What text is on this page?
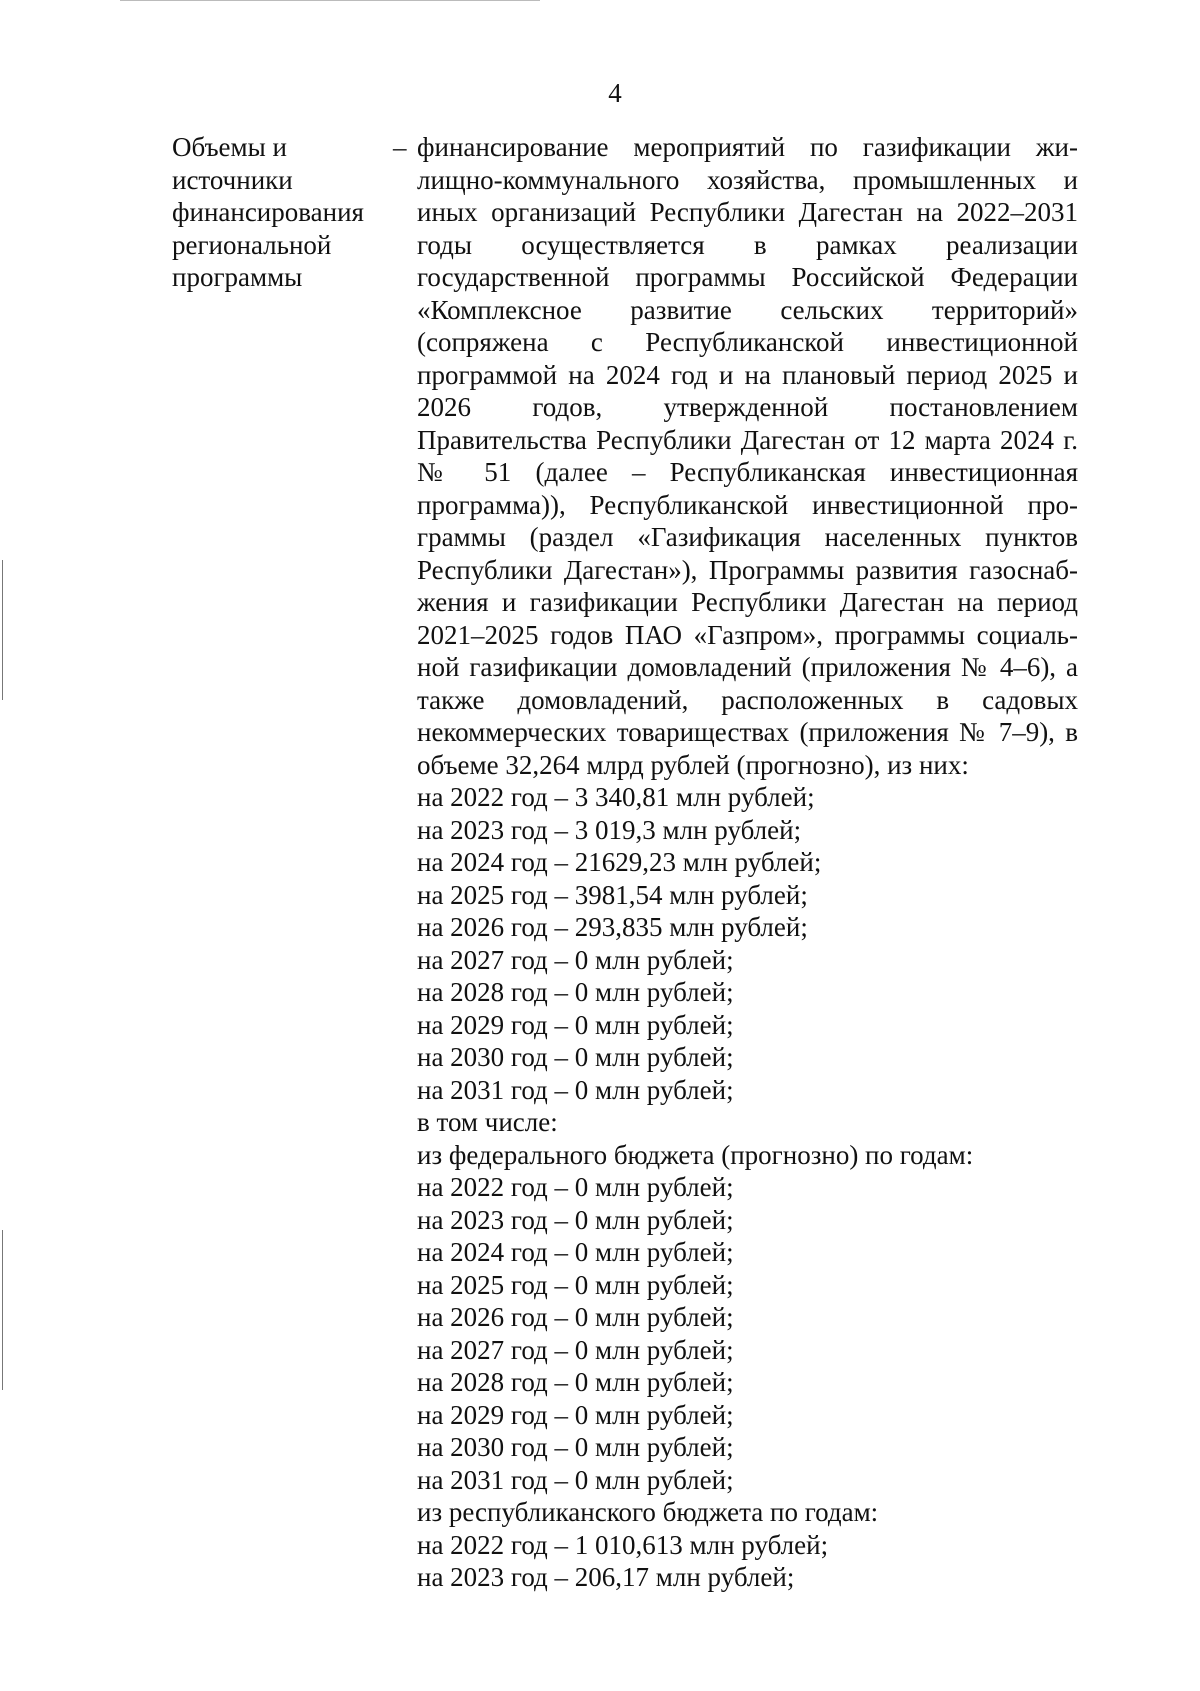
4
Объемы и
источники
финансирования
региональной
программы
– финансирование мероприятий по газификации жилищно-коммунального хозяйства, промышленных и иных организаций Республики Дагестан на 2022–2031 годы осуществляется в рамках реализации государственной программы Российской Федерации «Комплексное развитие сельских территорий» (сопряжена с Республиканской инвестиционной программой на 2024 год и на плановый период 2025 и 2026 годов, утвержденной постановлением Правительства Республики Дагестан от 12 марта 2024 г. № 51 (далее – Республиканская инвестиционная программа)), Республиканской инвестиционной программы (раздел «Газификация населенных пунктов Республики Дагестан»), Программы развития газоснабжения и газификации Республики Дагестан на период 2021–2025 годов ПАО «Газпром», программы социальной газификации домовладений (приложения № 4–6), а также домовладений, расположенных в садовых некоммерческих товариществах (приложения № 7–9), в объеме 32,264 млрд рублей (прогнозно), из них:
на 2022 год – 3 340,81 млн рублей;
на 2023 год – 3 019,3 млн рублей;
на 2024 год – 21629,23 млн рублей;
на 2025 год – 3981,54 млн рублей;
на 2026 год – 293,835 млн рублей;
на 2027 год – 0 млн рублей;
на 2028 год – 0 млн рублей;
на 2029 год – 0 млн рублей;
на 2030 год – 0 млн рублей;
на 2031 год – 0 млн рублей;
в том числе:
из федерального бюджета (прогнозно) по годам:
на 2022 год – 0 млн рублей;
на 2023 год – 0 млн рублей;
на 2024 год – 0 млн рублей;
на 2025 год – 0 млн рублей;
на 2026 год – 0 млн рублей;
на 2027 год – 0 млн рублей;
на 2028 год – 0 млн рублей;
на 2029 год – 0 млн рублей;
на 2030 год – 0 млн рублей;
на 2031 год – 0 млн рублей;
из республиканского бюджета по годам:
на 2022 год – 1 010,613 млн рублей;
на 2023 год – 206,17 млн рублей;
